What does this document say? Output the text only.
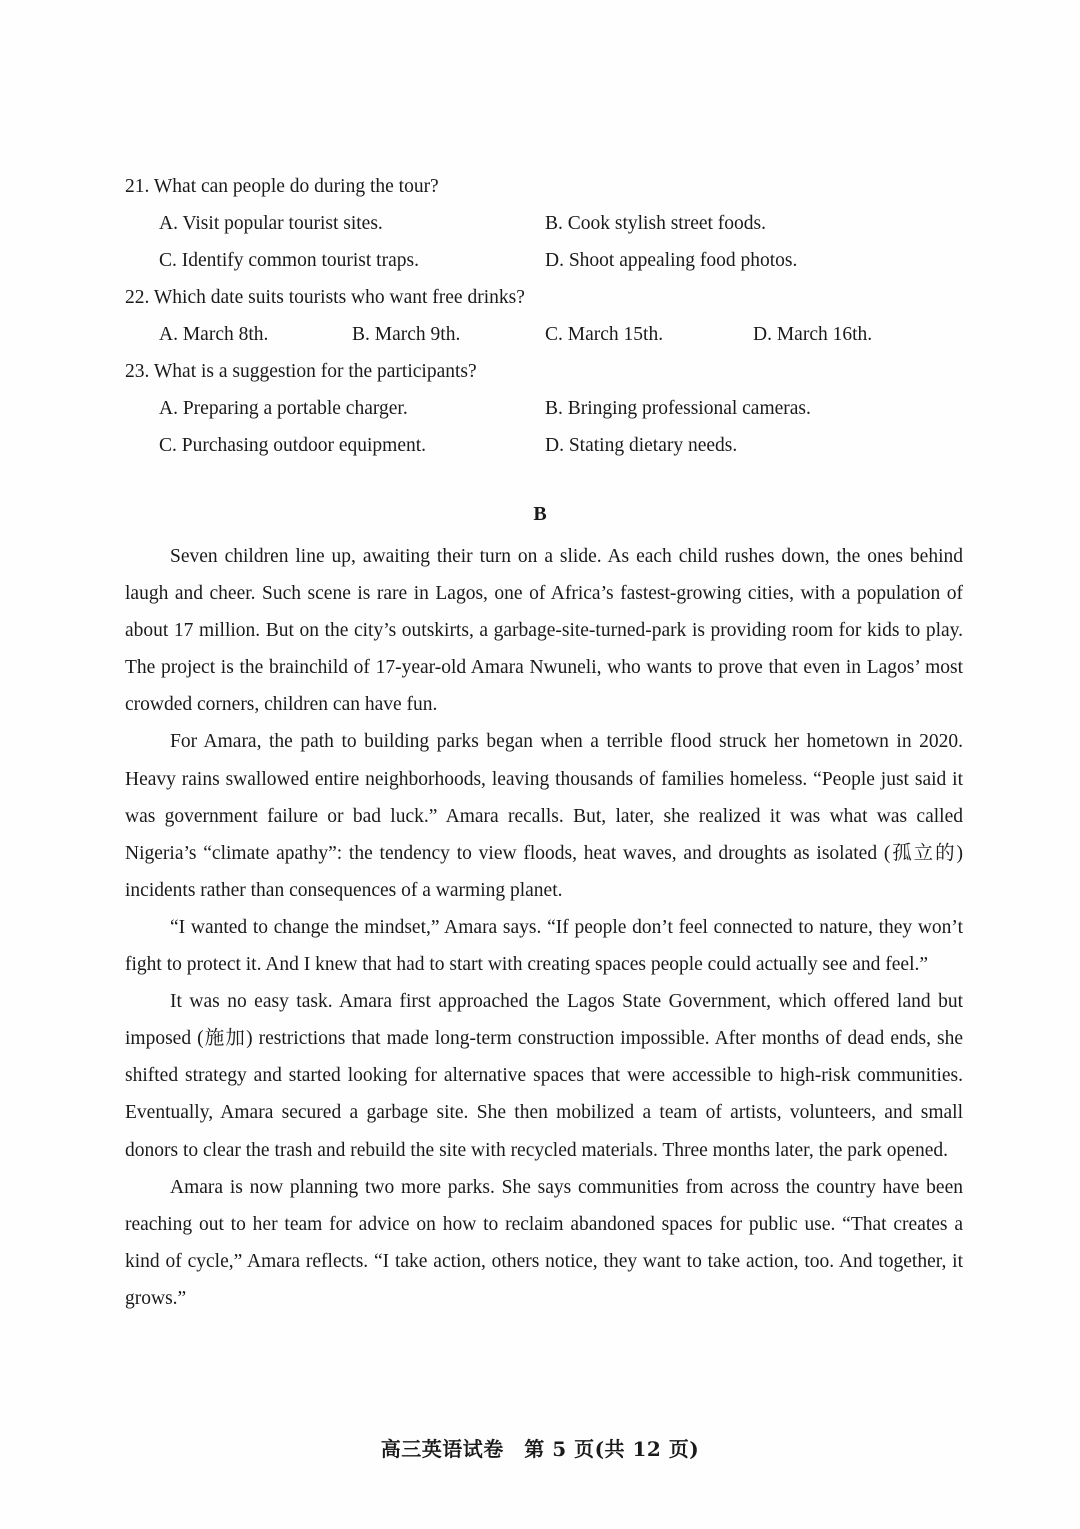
21. What can people do during the tour?
A. Visit popular tourist sites.	B. Cook stylish street foods.
C. Identify common tourist traps.	D. Shoot appealing food photos.
22. Which date suits tourists who want free drinks?
A. March 8th.	B. March 9th.	C. March 15th.	D. March 16th.
23. What is a suggestion for the participants?
A. Preparing a portable charger.	B. Bringing professional cameras.
C. Purchasing outdoor equipment.	D. Stating dietary needs.
B

Seven children line up, awaiting their turn on a slide. As each child rushes down, the ones behind laugh and cheer. Such scene is rare in Lagos, one of Africa’s fastest-growing cities, with a population of about 17 million. But on the city’s outskirts, a garbage-site-turned-park is providing room for kids to play. The project is the brainchild of 17-year-old Amara Nwuneli, who wants to prove that even in Lagos’ most crowded corners, children can have fun.

For Amara, the path to building parks began when a terrible flood struck her hometown in 2020. Heavy rains swallowed entire neighborhoods, leaving thousands of families homeless. “People just said it was government failure or bad luck.” Amara recalls. But, later, she realized it was what was called Nigeria’s “climate apathy”: the tendency to view floods, heat waves, and droughts as isolated (孤立的) incidents rather than consequences of a warming planet.

“I wanted to change the mindset,” Amara says. “If people don’t feel connected to nature, they won’t fight to protect it. And I knew that had to start with creating spaces people could actually see and feel.”

It was no easy task. Amara first approached the Lagos State Government, which offered land but imposed (施加) restrictions that made long-term construction impossible. After months of dead ends, she shifted strategy and started looking for alternative spaces that were accessible to high-risk communities. Eventually, Amara secured a garbage site. She then mobilized a team of artists, volunteers, and small donors to clear the trash and rebuild the site with recycled materials. Three months later, the park opened.

Amara is now planning two more parks. She says communities from across the country have been reaching out to her team for advice on how to reclaim abandoned spaces for public use. “That creates a kind of cycle,” Amara reflects. “I take action, others notice, they want to take action, too. And together, it grows.”

高三英语试卷　第 5 页(共 12 页)
